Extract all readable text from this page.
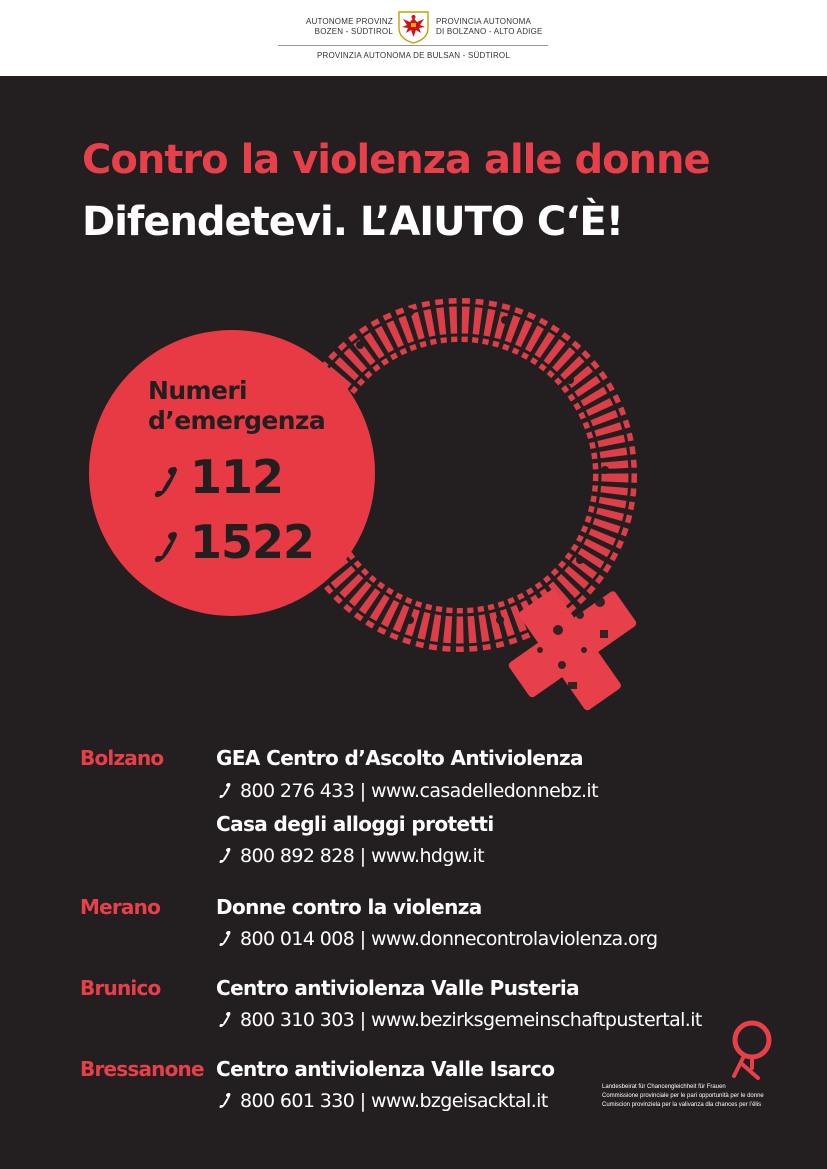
AUTONOME PROVINZ
BOZEN - SÜDTIROL
PROVINCIA AUTONOMA
DI BOLZANO - ALTO ADIGE
PROVINZIA AUTONOMA DE BULSAN - SÜDTIROL
Contro la violenza alle donne
Difendetevi. L’AIUTO C‘È!
Numeri
d’emergenza
112
1522
Bolzano	GEA Centro d’Ascolto Antiviolenza
800 276 433 | www.casadelledonnebz.it
Casa degli alloggi protetti
800 892 828 | www.hdgw.it
Merano	Donne contro la violenza
800 014 008 | www.donnecontrolaviolenza.org
Brunico	Centro antiviolenza Valle Pusteria
800 310 303 | www.bezirksgemeinschaftpustertal.it
Bressanone Centro antiviolenza Valle Isarco
800 601 330 | www.bzgeisacktal.it
Landesbeirat für Chancengleichheit für Frauen
Commissione provinciale per le pari opportunità per le donne
Cumiscion provinziela per la valivanza dla chances per l’ëlis
